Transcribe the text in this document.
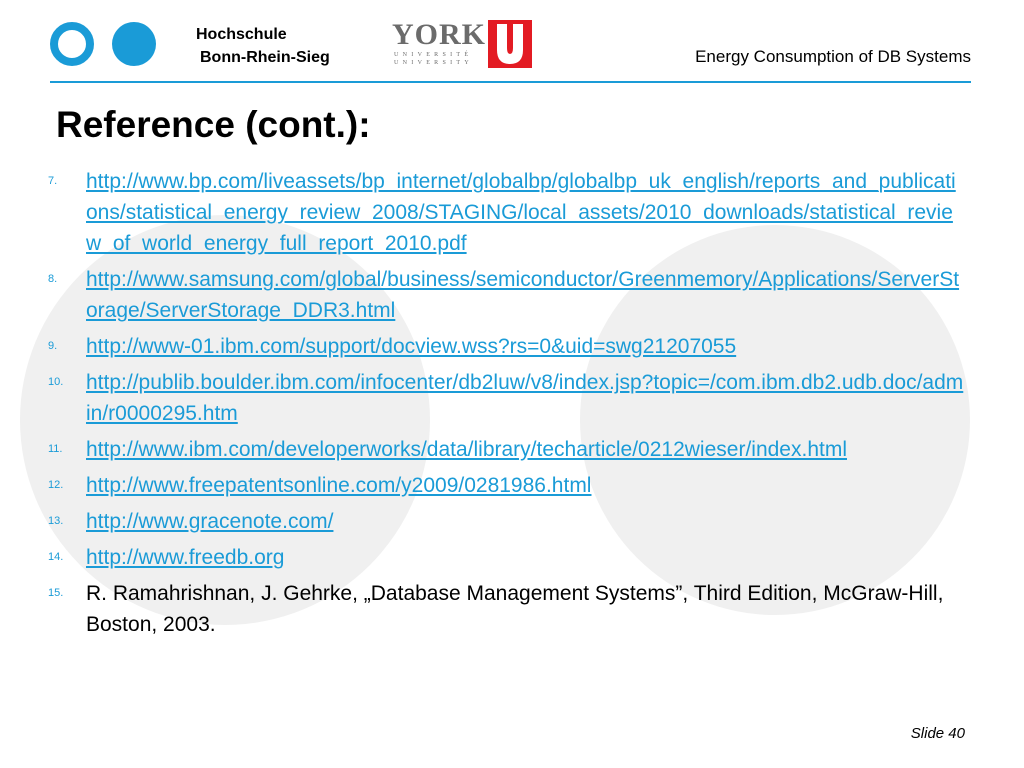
Hochschule
Bonn-Rhein-Sieg
YORK
UNIVERSITÉ
UNIVERSITY	Energy Consumption of DB Systems
Reference (cont.):
7.	http://www.bp.com/liveassets/bp_internet/globalbp/globalbp_uk_english/reports_and_publications/statistical_energy_review_2008/STAGING/local_assets/2010_downloads/statistical_review_of_world_energy_full_report_2010.pdf
8.	http://www.samsung.com/global/business/semiconductor/Greenmemory/Applications/ServerStorage/ServerStorage_DDR3.html
9.	http://www-01.ibm.com/support/docview.wss?rs=0&uid=swg21207055
10.	http://publib.boulder.ibm.com/infocenter/db2luw/v8/index.jsp?topic=/com.ibm.db2.udb.doc/admin/r0000295.htm
11.	http://www.ibm.com/developerworks/data/library/techarticle/0212wieser/index.html
12.	http://www.freepatentsonline.com/y2009/0281986.html
13.	http://www.gracenote.com/
14.	http://www.freedb.org
15.	R. Ramahrishnan, J. Gehrke, „Database Management Systems”, Third Edition, McGraw-Hill, Boston, 2003.
Slide 40
